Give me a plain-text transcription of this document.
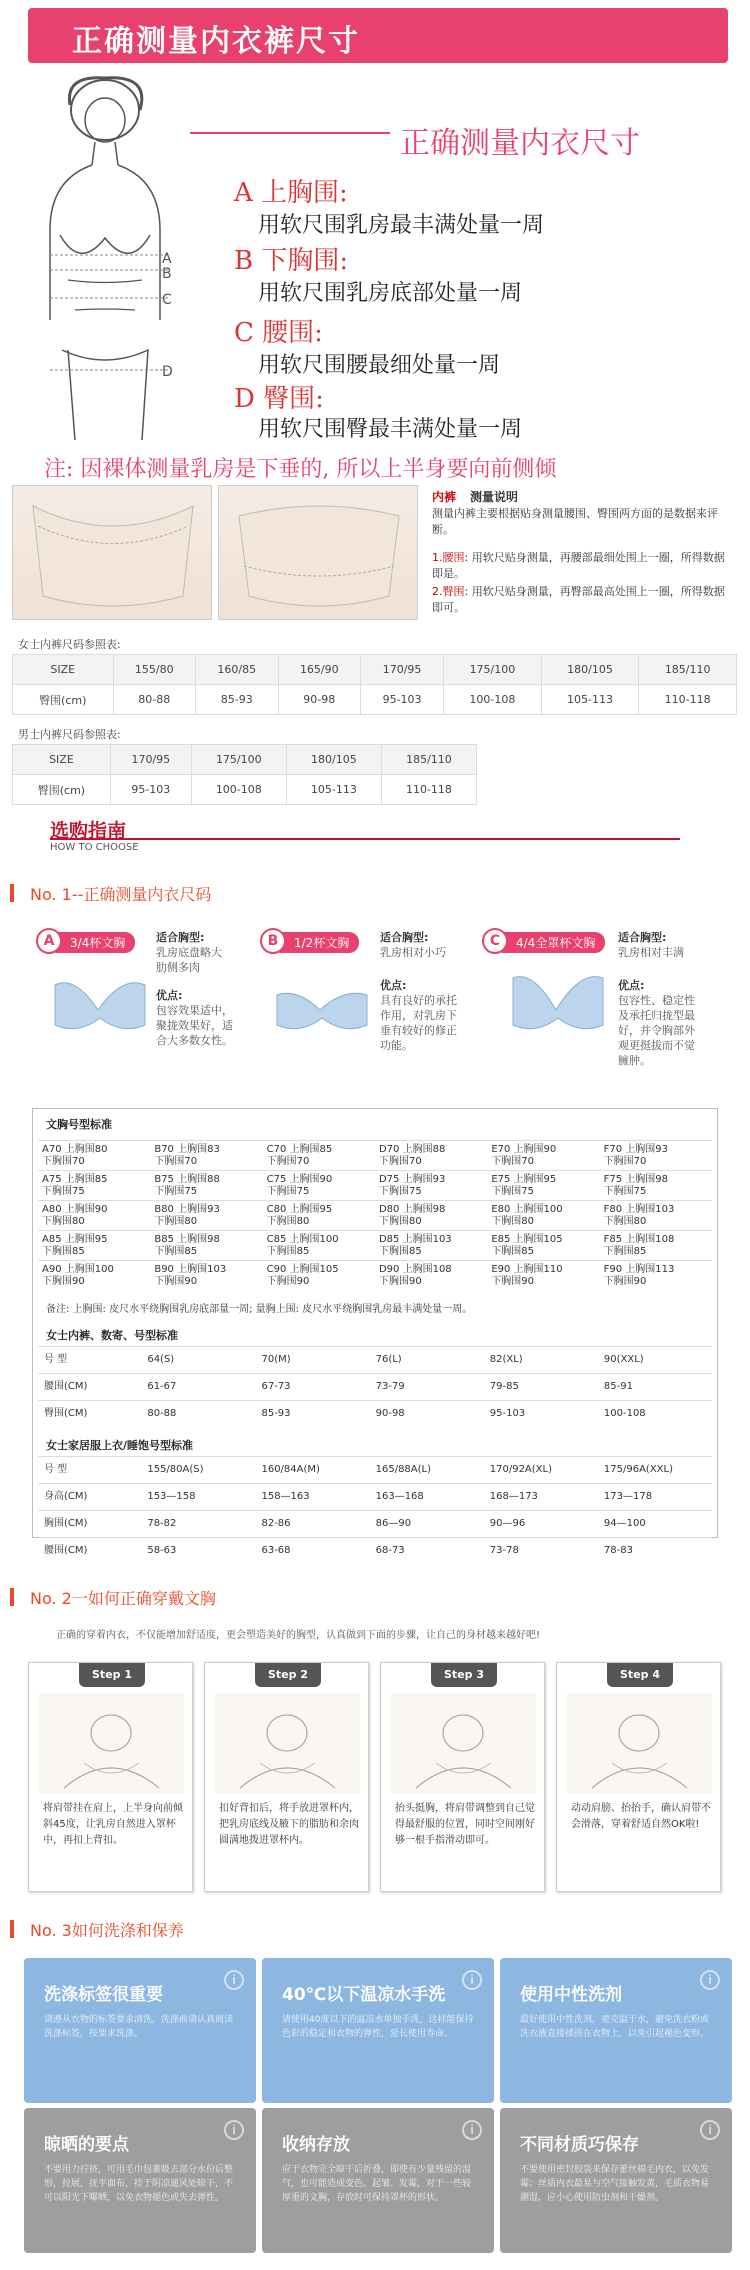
正确测量内衣裤尺寸
A
B
C
D
正确测量内衣尺寸
A 上胸围:
用软尺围乳房最丰满处量一周
B 下胸围:
用软尺围乳房底部处量一周
C 腰围:
用软尺围腰最细处量一周
D 臀围:
用软尺围臀最丰满处量一周
注: 因裸体测量乳房是下垂的, 所以上半身要向前侧倾
内裤 测量说明
测量内裤主要根据贴身测量腰围、臀围两方面的是数据来评断。
1.腰围: 用软尺贴身测量，再腰部最细处围上一圈，所得数据即是。
2.臀围: 用软尺贴身测量，再臀部最高处围上一圈，所得数据即可。
女士内裤尺码参照表:
SIZE	155/80	160/85	165/90	170/95	175/100	180/105	185/110
臀围(cm)	80-88	85-93	90-98	95-103	100-108	105-113	110-118
男士内裤尺码参照表:
SIZE	170/95	175/100	180/105	185/110
臀围(cm)	95-103	100-108	105-113	110-118
选购指南
HOW TO CHOOSE
No. 1--正确测量内衣尺码
3/4杯文胸
A	适合胸型:
乳房底盘略大 肋侧多肉
优点:
包容效果适中，聚拢效果好，适合大多数女性。
1/2杯文胸
B	适合胸型:
乳房相对小巧
优点:
具有良好的承托作用，对乳房下垂有较好的修正功能。
4/4全罩杯文胸
C	适合胸型:
乳房相对丰满
优点:
包容性、稳定性及承托归拢型最好，并令胸部外观更挺拔而不觉臃肿。
文胸号型标准
A70 上胸围80
下胸围70
B70 上胸围83
下胸围70
C70 上胸围85
下胸围70
D70 上胸围88
下胸围70
E70 上胸围90
下胸围70
F70 上胸围93
下胸围70
A75 上胸围85
下胸围75
B75 上胸围88
下胸围75
C75 上胸围90
下胸围75
D75 上胸围93
下胸围75
E75 上胸围95
下胸围75
F75 上胸围98
下胸围75
A80 上胸围90
下胸围80
B80 上胸围93
下胸围80
C80 上胸围95
下胸围80
D80 上胸围98
下胸围80
E80 上胸围100
下胸围80
F80 上胸围103
下胸围80
A85 上胸围95
下胸围85
B85 上胸围98
下胸围85
C85 上胸围100
下胸围85
D85 上胸围103
下胸围85
E85 上胸围105
下胸围85
F85 上胸围108
下胸围85
A90 上胸围100
下胸围90
B90 上胸围103
下胸围90
C90 上胸围105
下胸围90
D90 上胸围108
下胸围90
E90 上胸围110
下胸围90
F90 上胸围113
下胸围90
备注: 上胸围: 皮尺水平绕胸围乳房底部量一周; 量胸上围: 皮尺水平绕胸围乳房最丰满处量一周。
女士内裤、数寄、号型标准
号 型	64(S)	70(M)	76(L)	82(XL)	90(XXL)
腰围(CM)	61-67	67-73	73-79	79-85	85-91
臀围(CM)	80-88	85-93	90-98	95-103	100-108
女士家居服上衣/睡饱号型标准
号 型	155/80A(S)	160/84A(M)	165/88A(L)	170/92A(XL)	175/96A(XXL)
身高(CM)	153—158	158—163	163—168	168—173	173—178
胸围(CM)	78-82	82-86	86—90	90—96	94—100
腰围(CM)	58-63	63-68	68-73	73-78	78-83
No. 2一如何正确穿戴文胸
正确的穿着内衣，不仅能增加舒适度，更会塑造美好的胸型，认真做到下面的步骤，让自己的身材越来越好吧!
Step 1
将肩带挂在肩上，上半身向前倾斜45度，让乳房自然进入罩杯中，再扣上背扣。
Step 2
扣好背扣后，将手放进罩杯内，把乳房底线及腋下的脂肪和余肉圆满地拨进罩杯内。
Step 3
抬头挺胸，将肩带调整到自己觉得最舒服的位置，同时空间刚好够一根手指滑动即可。
Step 4
动动肩膀、抬抬手，确认肩带不会滑落，穿着舒适自然OK啦!
No. 3如何洗涤和保养
洗涤标签很重要
请遵从衣物的标签要求清洗，洗涤前请认真阅读洗涤标签，按要求洗涤。
i
40℃以下温凉水手洗
请使用40度以下的温凉水单独手洗，这样能保持色彩的稳定和衣物的弹性，延长使用寿命。
i
使用中性洗剂
最好使用中性洗剂，更売温于水，避免洗衣粉或洗衣液直接揉搓在衣物上，以免引起褪色变形。
i
晾晒的要点
不要用力拧挤，可用毛巾包裹吸去部分水份后整形，拉展，抚平面布，挂于阴凉通风处晾干，不可以阳光下曝晒，以免衣物褪色或失去弹性。
i
收纳存放
应于衣物完全晾干后折叠，即使有少量残留的湿气，也可能造成变色、起皱、发霉，对于一些较厚重的文胸，存放时可保持罩杯的形状。
i
不同材质巧保存
不要使用密封胶袋来保存蕾丝棉毛内衣，以免发霉；丝质内衣最易与空气接触发黄，毛质衣物易潮湿，应小心使用防虫剂和干燥剂。
i
